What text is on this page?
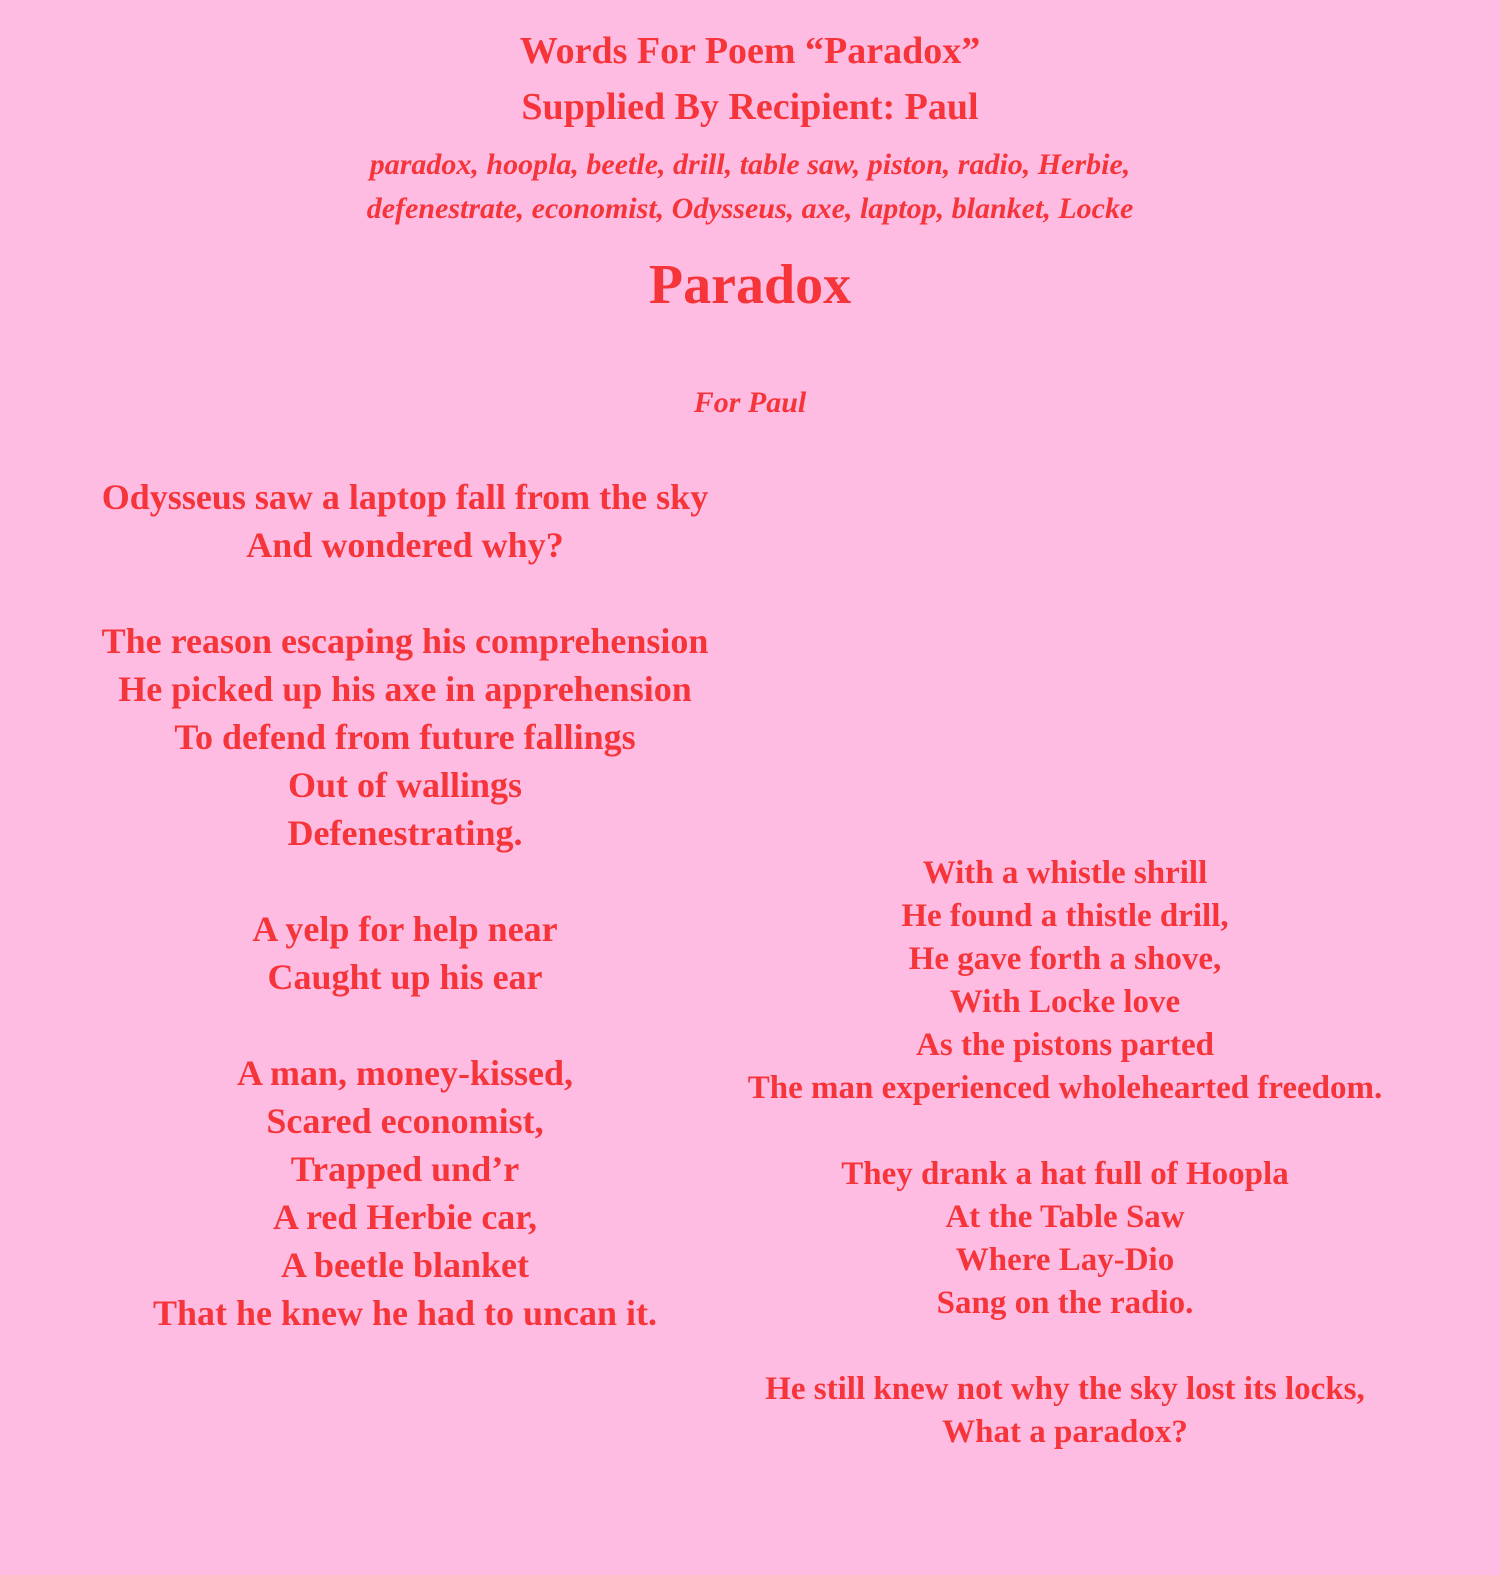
Words For Poem “Paradox”
Supplied By Recipient: Paul
paradox, hoopla, beetle, drill, table saw, piston, radio, Herbie,
defenestrate, economist, Odysseus, axe, laptop, blanket, Locke
Paradox
For Paul
Odysseus saw a laptop fall from the sky
And wondered why?
The reason escaping his comprehension
He picked up his axe in apprehension
To defend from future fallings
Out of wallings
Defenestrating.
A yelp for help near
Caught up his ear
A man, money-kissed,
Scared economist,
Trapped und’r
A red Herbie car,
A beetle blanket
That he knew he had to uncan it.
With a whistle shrill
He found a thistle drill,
He gave forth a shove,
With Locke love
As the pistons parted
The man experienced wholehearted freedom.
They drank a hat full of Hoopla
At the Table Saw
Where Lay-Dio
Sang on the radio.
He still knew not why the sky lost its locks,
What a paradox?
